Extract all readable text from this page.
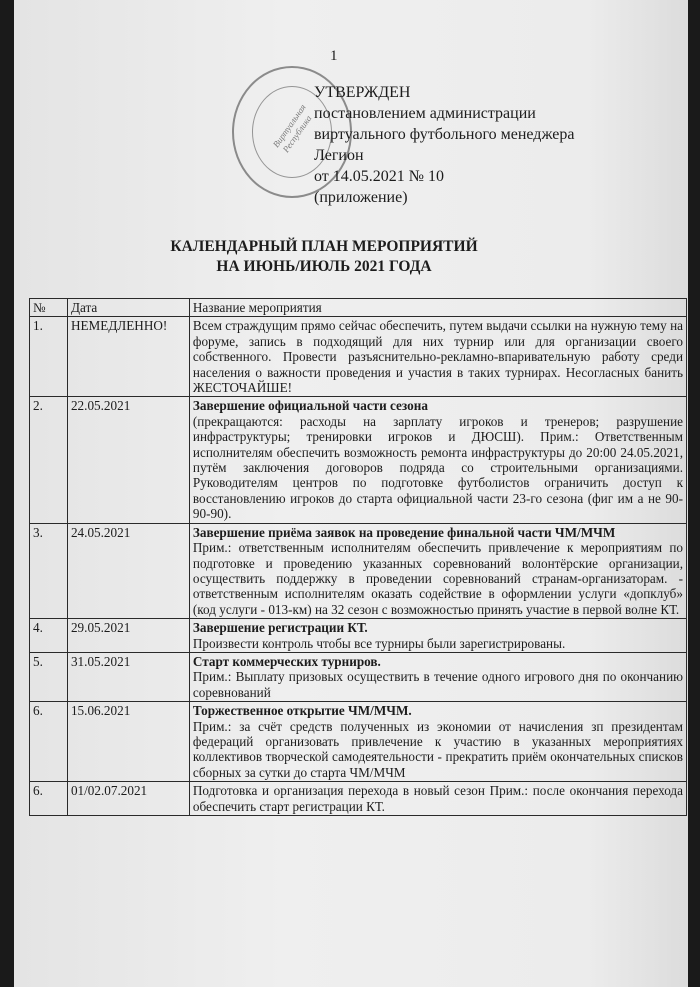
1
Виртуальная Республика
УТВЕРЖДЕН
постановлением администрации
виртуального футбольного менеджера
Легион
от 14.05.2021 № 10
(приложение)
КАЛЕНДАРНЫЙ ПЛАН МЕРОПРИЯТИЙ
НА ИЮНЬ/ИЮЛЬ 2021 ГОДА
№	Дата	Название мероприятия
1.	НЕМЕДЛЕННО!	Всем страждущим прямо сейчас обеспечить, путем выдачи ссылки на нужную тему на форуме, запись в подходящий для них турнир или для организации своего собственного. Провести разъяснительно-рекламно-впаривательную работу среди населения о важности проведения и участия в таких турнирах. Несогласных банить ЖЕСТОЧАЙШЕ!

2.	22.05.2021	Завершение официальной части сезона
(прекращаются: расходы на зарплату игроков и тренеров; разрушение инфраструктуры; тренировки игроков и ДЮСШ). Прим.: Ответственным исполнителям обеспечить возможность ремонта инфраструктуры до 20:00 24.05.2021, путём заключения договоров подряда со строительными организациями. Руководителям центров по подготовке футболистов ограничить доступ к восстановлению игроков до старта официальной части 23-го сезона (фиг им а не 90-90-90).

3.	24.05.2021	Завершение приёма заявок на проведение финальной части ЧМ/МЧМ
Прим.: ответственным исполнителям обеспечить привлечение к мероприятиям по подготовке и проведению указанных соревнований волонтёрские организации, осуществить поддержку в проведении соревнований странам-организаторам. - ответственным исполнителям оказать содействие в оформлении услуги «допклуб» (код услуги - 013-км) на 32 сезон с возможностью принять участие в первой волне КТ.

4.	29.05.2021	Завершение регистрации КТ.
Произвести контроль чтобы все турниры были зарегистрированы.

5.	31.05.2021	Старт коммерческих турниров.
Прим.: Выплату призовых осуществить в течение одного игрового дня по окончанию соревнований

6.	15.06.2021	Торжественное открытие ЧМ/МЧМ.
Прим.: за счёт средств полученных из экономии от начисления зп президентам федераций организовать привлечение к участию в указанных мероприятиях коллективов творческой самодеятельности - прекратить приём окончательных списков сборных за сутки до старта ЧМ/МЧМ

6.	01/02.07.2021	Подготовка и организация перехода в новый сезон Прим.: после окончания перехода обеспечить старт регистрации КТ.
